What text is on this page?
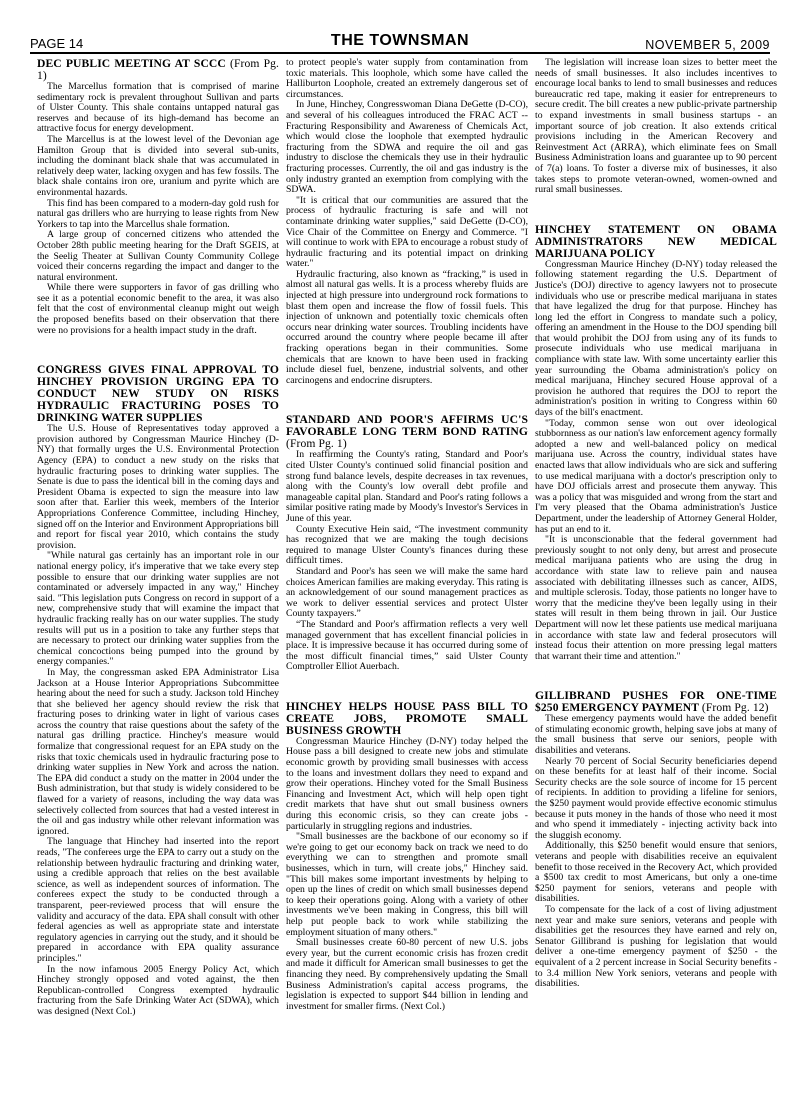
PAGE 14	THE TOWNSMAN	NOVEMBER 5, 2009
DEC PUBLIC MEETING AT SCCC (From Pg. 1)

The Marcellus formation that is comprised of marine sedimentary rock is prevalent throughout Sullivan and parts of Ulster County. This shale contains untapped natural gas reserves and because of its high-demand has become an attractive focus for energy development.

The Marcellus is at the lowest level of the Devonian age Hamilton Group that is divided into several sub-units, including the dominant black shale that was accumulated in relatively deep water, lacking oxygen and has few fossils. The black shale contains iron ore, uranium and pyrite which are environmental hazards.

This find has been compared to a modern-day gold rush for natural gas drillers who are hurrying to lease rights from New Yorkers to tap into the Marcellus shale formation.

A large group of concerned citizens who attended the October 28th public meeting hearing for the Draft SGEIS, at the Seelig Theater at Sullivan County Community College voiced their concerns regarding the impact and danger to the natural environment.

While there were supporters in favor of gas drilling who see it as a potential economic benefit to the area, it was also felt that the cost of environmental cleanup might out weigh the proposed benefits based on their observation that there were no provisions for a health impact study in the draft.

CONGRESS GIVES FINAL APPROVAL TO HINCHEY PROVISION URGING EPA TO CONDUCT NEW STUDY ON RISKS HYDRAULIC FRACTURING POSES TO DRINKING WATER SUPPLIES

The U.S. House of Representatives today approved a provision authored by Congressman Maurice Hinchey (D-NY) that formally urges the U.S. Environmental Protection Agency (EPA) to conduct a new study on the risks that hydraulic fracturing poses to drinking water supplies. The Senate is due to pass the identical bill in the coming days and President Obama is expected to sign the measure into law soon after that. Earlier this week, members of the Interior Appropriations Conference Committee, including Hinchey, signed off on the Interior and Environment Appropriations bill and report for fiscal year 2010, which contains the study provision.

"While natural gas certainly has an important role in our national energy policy, it's imperative that we take every step possible to ensure that our drinking water supplies are not contaminated or adversely impacted in any way," Hinchey said. "This legislation puts Congress on record in support of a new, comprehensive study that will examine the impact that hydraulic fracking really has on our water supplies. The study results will put us in a position to take any further steps that are necessary to protect our drinking water supplies from the chemical concoctions being pumped into the ground by energy companies."

In May, the congressman asked EPA Administrator Lisa Jackson at a House Interior Appropriations Subcommittee hearing about the need for such a study. Jackson told Hinchey that she believed her agency should review the risk that fracturing poses to drinking water in light of various cases across the country that raise questions about the safety of the natural gas drilling practice. Hinchey's measure would formalize that congressional request for an EPA study on the risks that toxic chemicals used in hydraulic fracturing pose to drinking water supplies in New York and across the nation. The EPA did conduct a study on the matter in 2004 under the Bush administration, but that study is widely considered to be flawed for a variety of reasons, including the way data was selectively collected from sources that had a vested interest in the oil and gas industry while other relevant information was ignored.

The language that Hinchey had inserted into the report reads, "The conferees urge the EPA to carry out a study on the relationship between hydraulic fracturing and drinking water, using a credible approach that relies on the best available science, as well as independent sources of information. The conferees expect the study to be conducted through a transparent, peer-reviewed process that will ensure the validity and accuracy of the data. EPA shall consult with other federal agencies as well as appropriate state and interstate regulatory agencies in carrying out the study, and it should be prepared in accordance with EPA quality assurance principles."

In the now infamous 2005 Energy Policy Act, which Hinchey strongly opposed and voted against, the then Republican-controlled Congress exempted hydraulic fracturing from the Safe Drinking Water Act (SDWA), which was designed (Next Col.)

to protect people's water supply from contamination from toxic materials. This loophole, which some have called the Halliburton Loophole, created an extremely dangerous set of circumstances.

In June, Hinchey, Congresswoman Diana DeGette (D-CO), and several of his colleagues introduced the FRAC ACT -- Fracturing Responsibility and Awareness of Chemicals Act, which would close the loophole that exempted hydraulic fracturing from the SDWA and require the oil and gas industry to disclose the chemicals they use in their hydraulic fracturing processes. Currently, the oil and gas industry is the only industry granted an exemption from complying with the SDWA.

"It is critical that our communities are assured that the process of hydraulic fracturing is safe and will not contaminate drinking water supplies," said DeGette (D-CO), Vice Chair of the Committee on Energy and Commerce. "I will continue to work with EPA to encourage a robust study of hydraulic fracturing and its potential impact on drinking water."

Hydraulic fracturing, also known as “fracking,” is used in almost all natural gas wells. It is a process whereby fluids are injected at high pressure into underground rock formations to blast them open and increase the flow of fossil fuels. This injection of unknown and potentially toxic chemicals often occurs near drinking water sources. Troubling incidents have occurred around the country where people became ill after fracking operations began in their communities. Some chemicals that are known to have been used in fracking include diesel fuel, benzene, industrial solvents, and other carcinogens and endocrine disrupters.

STANDARD AND POOR'S AFFIRMS UC'S FAVORABLE LONG TERM BOND RATING (From Pg. 1)

In reaffirming the County's rating, Standard and Poor's cited Ulster County's continued solid financial position and strong fund balance levels, despite decreases in tax revenues, along with the County's low overall debt profile and manageable capital plan. Standard and Poor's rating follows a similar positive rating made by Moody's Investor's Services in June of this year.

County Executive Hein said, “The investment community has recognized that we are making the tough decisions required to manage Ulster County's finances during these difficult times.

Standard and Poor's has seen we will make the same hard choices American families are making everyday. This rating is an acknowledgement of our sound management practices as we work to deliver essential services and protect Ulster County taxpayers.”

“The Standard and Poor's affirmation reflects a very well managed government that has excellent financial policies in place. It is impressive because it has occurred during some of the most difficult financial times,” said Ulster County Comptroller Elliot Auerbach.

HINCHEY HELPS HOUSE PASS BILL TO CREATE JOBS, PROMOTE SMALL BUSINESS GROWTH

Congressman Maurice Hinchey (D-NY) today helped the House pass a bill designed to create new jobs and stimulate economic growth by providing small businesses with access to the loans and investment dollars they need to expand and grow their operations. Hinchey voted for the Small Business Financing and Investment Act, which will help open tight credit markets that have shut out small business owners during this economic crisis, so they can create jobs - particularly in struggling regions and industries.

"Small businesses are the backbone of our economy so if we're going to get our economy back on track we need to do everything we can to strengthen and promote small businesses, which in turn, will create jobs," Hinchey said. "This bill makes some important investments by helping to open up the lines of credit on which small businesses depend to keep their operations going. Along with a variety of other investments we've been making in Congress, this bill will help put people back to work while stabilizing the employment situation of many others."

Small businesses create 60-80 percent of new U.S. jobs every year, but the current economic crisis has frozen credit and made it difficult for American small businesses to get the financing they need. By comprehensively updating the Small Business Administration's capital access programs, the legislation is expected to support $44 billion in lending and investment for smaller firms. (Next Col.)

The legislation will increase loan sizes to better meet the needs of small businesses. It also includes incentives to encourage local banks to lend to small businesses and reduces bureaucratic red tape, making it easier for entrepreneurs to secure credit. The bill creates a new public-private partnership to expand investments in small business startups - an important source of job creation. It also extends critical provisions including in the American Recovery and Reinvestment Act (ARRA), which eliminate fees on Small Business Administration loans and guarantee up to 90 percent of 7(a) loans. To foster a diverse mix of businesses, it also takes steps to promote veteran-owned, women-owned and rural small businesses.

HINCHEY STATEMENT ON OBAMA ADMINISTRATORS NEW MEDICAL MARIJUANA POLICY

Congressman Maurice Hinchey (D-NY) today released the following statement regarding the U.S. Department of Justice's (DOJ) directive to agency lawyers not to prosecute individuals who use or prescribe medical marijuana in states that have legalized the drug for that purpose. Hinchey has long led the effort in Congress to mandate such a policy, offering an amendment in the House to the DOJ spending bill that would prohibit the DOJ from using any of its funds to prosecute individuals who use medical marijuana in compliance with state law. With some uncertainty earlier this year surrounding the Obama administration's policy on medical marijuana, Hinchey secured House approval of a provision he authored that requires the DOJ to report the administration's position in writing to Congress within 60 days of the bill's enactment.

"Today, common sense won out over ideological stubbornness as our nation's law enforcement agency formally adopted a new and well-balanced policy on medical marijuana use. Across the country, individual states have enacted laws that allow individuals who are sick and suffering to use medical marijuana with a doctor's prescription only to have DOJ officials arrest and prosecute them anyway. This was a policy that was misguided and wrong from the start and I'm very pleased that the Obama administration's Justice Department, under the leadership of Attorney General Holder, has put an end to it.

"It is unconscionable that the federal government had previously sought to not only deny, but arrest and prosecute medical marijuana patients who are using the drug in accordance with state law to relieve pain and nausea associated with debilitating illnesses such as cancer, AIDS, and multiple sclerosis. Today, those patients no longer have to worry that the medicine they've been legally using in their states will result in them being thrown in jail. Our Justice Department will now let these patients use medical marijuana in accordance with state law and federal prosecutors will instead focus their attention on more pressing legal matters that warrant their time and attention."

GILLIBRAND PUSHES FOR ONE-TIME $250 EMERGENCY PAYMENT (From Pg. 12)

These emergency payments would have the added benefit of stimulating economic growth, helping save jobs at many of the small business that serve our seniors, people with disabilities and veterans.

Nearly 70 percent of Social Security beneficiaries depend on these benefits for at least half of their income. Social Security checks are the sole source of income for 15 percent of recipients. In addition to providing a lifeline for seniors, the $250 payment would provide effective economic stimulus because it puts money in the hands of those who need it most and who spend it immediately - injecting activity back into the sluggish economy.

Additionally, this $250 benefit would ensure that seniors, veterans and people with disabilities receive an equivalent benefit to those received in the Recovery Act, which provided a $500 tax credit to most Americans, but only a one-time $250 payment for seniors, veterans and people with disabilities.

To compensate for the lack of a cost of living adjustment next year and make sure seniors, veterans and people with disabilities get the resources they have earned and rely on, Senator Gillibrand is pushing for legislation that would deliver a one-time emergency payment of $250 - the equivalent of a 2 percent increase in Social Security benefits - to 3.4 million New York seniors, veterans and people with disabilities.
